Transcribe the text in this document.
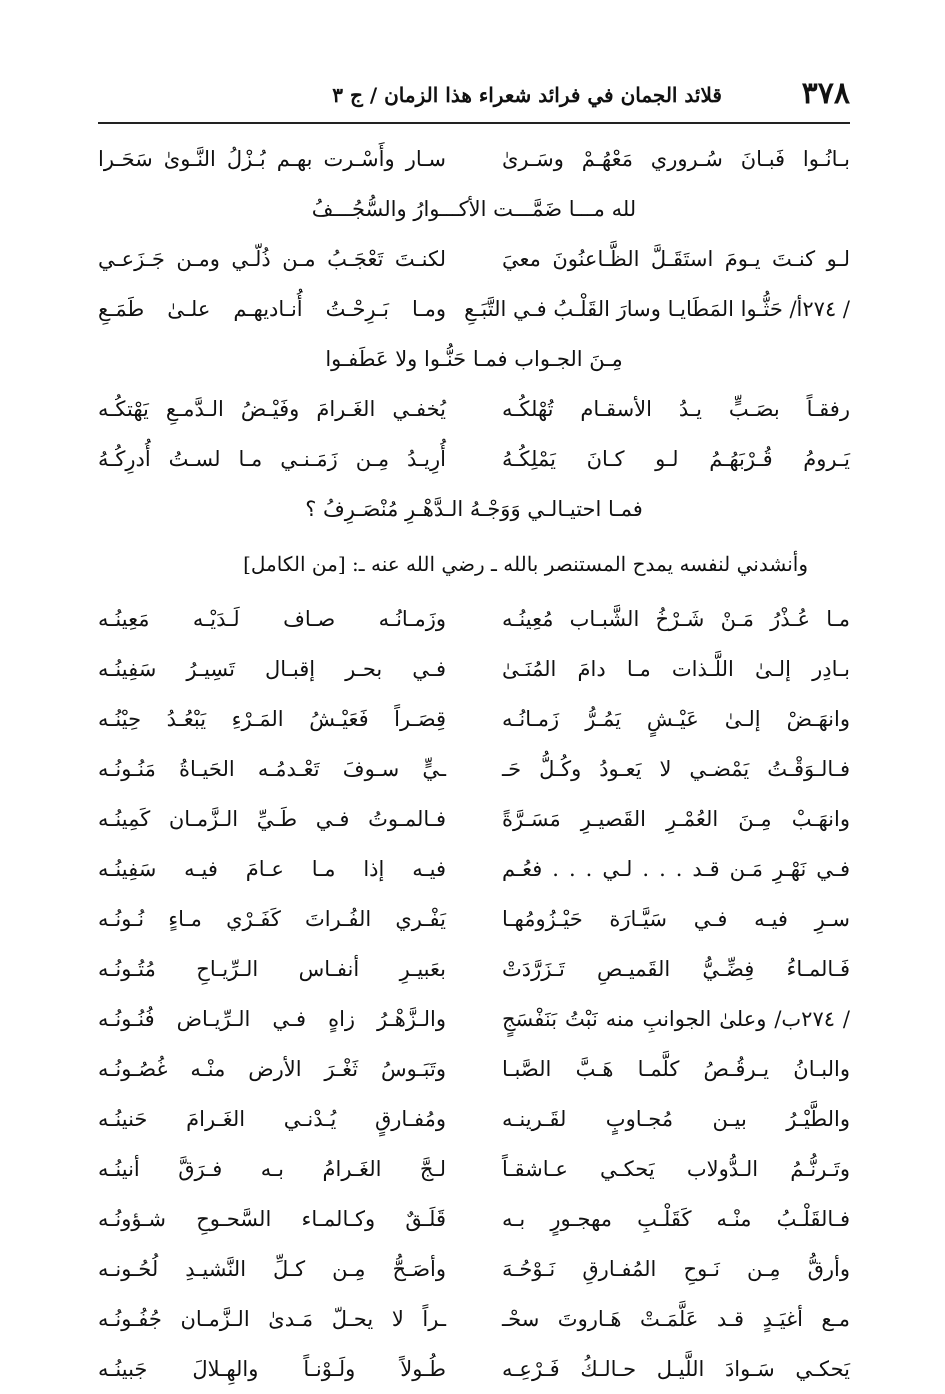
٣٧٨
قلائد الجمان في فرائد شعراء هذا الزمان / ج ٣
بـانُـوا فَبـانَ سُـروري مَعْهُـمْ وسَـرىٰ
سـار وأَسْـرت بهـم بُـزْلُ النَّـوىٰ سَحَـرا
لله مـــا ضَمَّـــت الأكـــوارُ والسُّجُـــفُ
لـو كنـتَ يـومَ استَقَـلَّ الظَّـاعنُونَ معيَ
لكنـتَ تَعْجَـبُ مـن ذُلّـي ومـن جَـزَعـي
/ ٢٧٤أ/ حَثُّـوا المَطَايـا وسارَ القَلْـبُ فـي التَّبَـعِ
ومـا بَـرِحْـتُ أُنـاديهـم علـىٰ طَمَـعِ
مِـنَ الجـواب فمـا حَنُّـوا ولا عَطَفـوا
رفقـاً بصَـبٍّ يـدُ الأسقـام تُهْلكُـه
يُخفـي الغَـرامَ وفَيْـضُ الـدَّمـعِ يَهْتكُـه
يَـرومُ قُـرْبَهُـمُ لـو كـانَ يَمْلِكُـهُ
أُرِيـدُ مِـن زَمَـنـي مـا لسـتُ أُدرِكُـهُ
فمـا احتيـالـي وَوَجْـهُ الـدَّهْـرِ مُنْصَـرِفُ ؟
وأنشدني لنفسه يمدح المستنصر بالله ـ رضي الله عنه ـ: [من الكامل]
مـا عُـذْرُ مَـنْ شَـرْخُ الشَّبـاب مُعِينُـه
وزَمـانُـه صـاف لَـدَيْـه مَعِينُـه
بـادِر إلـىٰ اللَّـذات مـا دامَ المُنَـىٰ
فـي بحـر إقبـال تَسِيـرُ سَفِينُـه
وانهَـضْ إلـىٰ عَيْـشٍ يَمُـرُّ زَمـانُـه
قِصَـراً فَعَيْـشُ المَـرْءِ يَبْعُـدُ حِيْنُـه
فـالـوَقْـتُ يَمْضـي لا يَعـودُ وكُـلُّ حَـ
ـيٍّ سـوفَ تَعْـدمُـه الحَيـاةُ مَنُـونُـه
وانهَـبْ مِـنَ العُمْـرِ القَصيـرِ مَسَـرَّةً
فـالمـوتُ فـي طَـيِّ الـزَّمـان كَمِينُـه
فـي نَهْـرِ مَـن قـد . . . لـي . . . فعُـم
فيـه إذا مـا عـامَ فيـه سَفِينُـه
سـرِ فيـه فـي سَيَّـارَة حَيْـزُومُهـا
يَفْـري الفُـراتَ كَفَـرْي مـاءٍ نُـونُـه
فَـالمـاءُ فِضِّـيُّ القَميـصِ تَـزَرَّدَتْ
بعَبيـرِ أنفـاس الـرِّيـاحِ مُتُـونُـه
/ ٢٧٤ب/ وعلىٰ الجوانبِ منه نَبْتُ بَنَفْسَجٍ
والـزَّهْـرُ زاهٍ فـي الـرِّيـاض فُنُـونُـه
والبـانُ يـرقُـصُ كلَّمـا هَـبَّ الصَّبـا
وتَبَـوسُ ثَغْـرَ الأرض منْـه غُصُـونُـه
والطَّيْـرُ بيـن مُجـاوبٍ لقَـرينـه
ومُفـارقٍ يُـدْنـي الغَـرامَ حَنينُـه
وتَـرنُّـمُ الـدُّولاب يَحكـي عـاشقـاً
لـجَّ الغَـرامُ بـه فـرَقَّ أنينُـه
فـالقَلْـبُ منْـه كَقَلْـبِ مهجـورٍ بـه
قَلَـقٌ وكـالمـاء السَّحـوحِ شـؤونُـه
وأرقُّ مِـن نَـوحِ المُفـارقِ نَـوْحُـهَ
وأصَـحُّ مِـن كـلِّ النَّشيـدِ لُحُـونـه
مـع أغيَـدٍ قـد عَلَّمَـتْ هَـاروتَ سحْـ
ـراً لا يحـلّ مَـدىٰ الـزَّمـان جُفُـونُـه
يَحكـي سَـوادَ اللَّيـل حـالـكُ فَـرْعِـه
طُـولاً ولَـوْنـاً والهِـلالَ جَبينُـه
